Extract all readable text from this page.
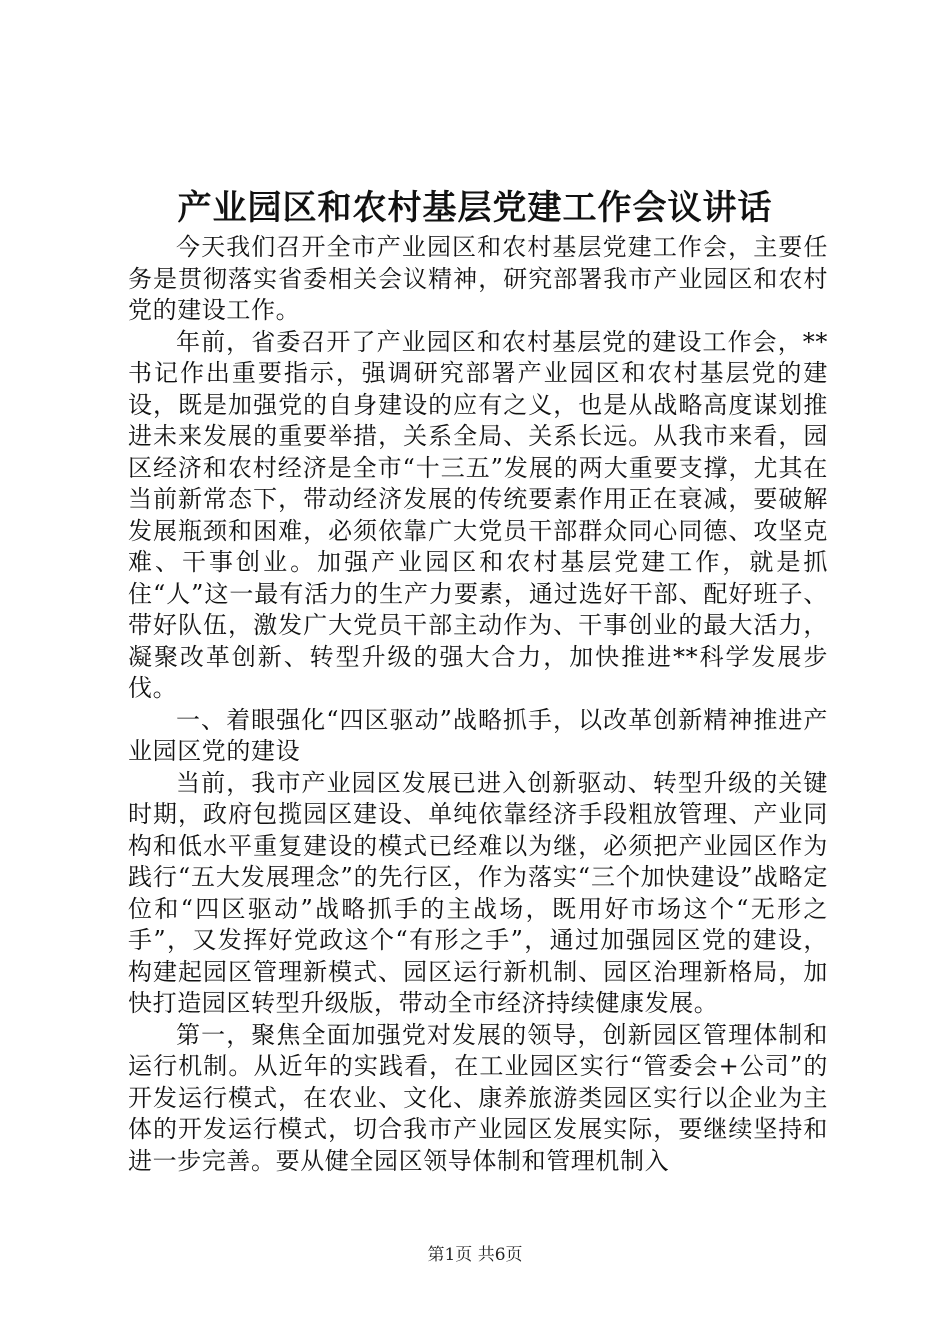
产业园区和农村基层党建工作会议讲话

今天我们召开全市产业园区和农村基层党建工作会，主要任务是贯彻落实省委相关会议精神，研究部署我市产业园区和农村党的建设工作。

年前，省委召开了产业园区和农村基层党的建设工作会，**书记作出重要指示，强调研究部署产业园区和农村基层党的建设，既是加强党的自身建设的应有之义，也是从战略高度谋划推进未来发展的重要举措，关系全局、关系长远。从我市来看，园区经济和农村经济是全市“十三五”发展的两大重要支撑，尤其在当前新常态下，带动经济发展的传统要素作用正在衰减，要破解发展瓶颈和困难，必须依靠广大党员干部群众同心同德、攻坚克难、干事创业。加强产业园区和农村基层党建工作，就是抓住“人”这一最有活力的生产力要素，通过选好干部、配好班子、带好队伍，激发广大党员干部主动作为、干事创业的最大活力，凝聚改革创新、转型升级的强大合力，加快推进**科学发展步伐。

一、着眼强化“四区驱动”战略抓手，以改革创新精神推进产业园区党的建设

当前，我市产业园区发展已进入创新驱动、转型升级的关键时期，政府包揽园区建设、单纯依靠经济手段粗放管理、产业同构和低水平重复建设的模式已经难以为继，必须把产业园区作为践行“五大发展理念”的先行区，作为落实“三个加快建设”战略定位和“四区驱动”战略抓手的主战场，既用好市场这个“无形之手”，又发挥好党政这个“有形之手”，通过加强园区党的建设，构建起园区管理新模式、园区运行新机制、园区治理新格局，加快打造园区转型升级版，带动全市经济持续健康发展。

第一，聚焦全面加强党对发展的领导，创新园区管理体制和运行机制。从近年的实践看，在工业园区实行“管委会+公司”的开发运行模式，在农业、文化、康养旅游类园区实行以企业为主体的开发运行模式，切合我市产业园区发展实际，要继续坚持和进一步完善。要从健全园区领导体制和管理机制入

第1页 共6页
